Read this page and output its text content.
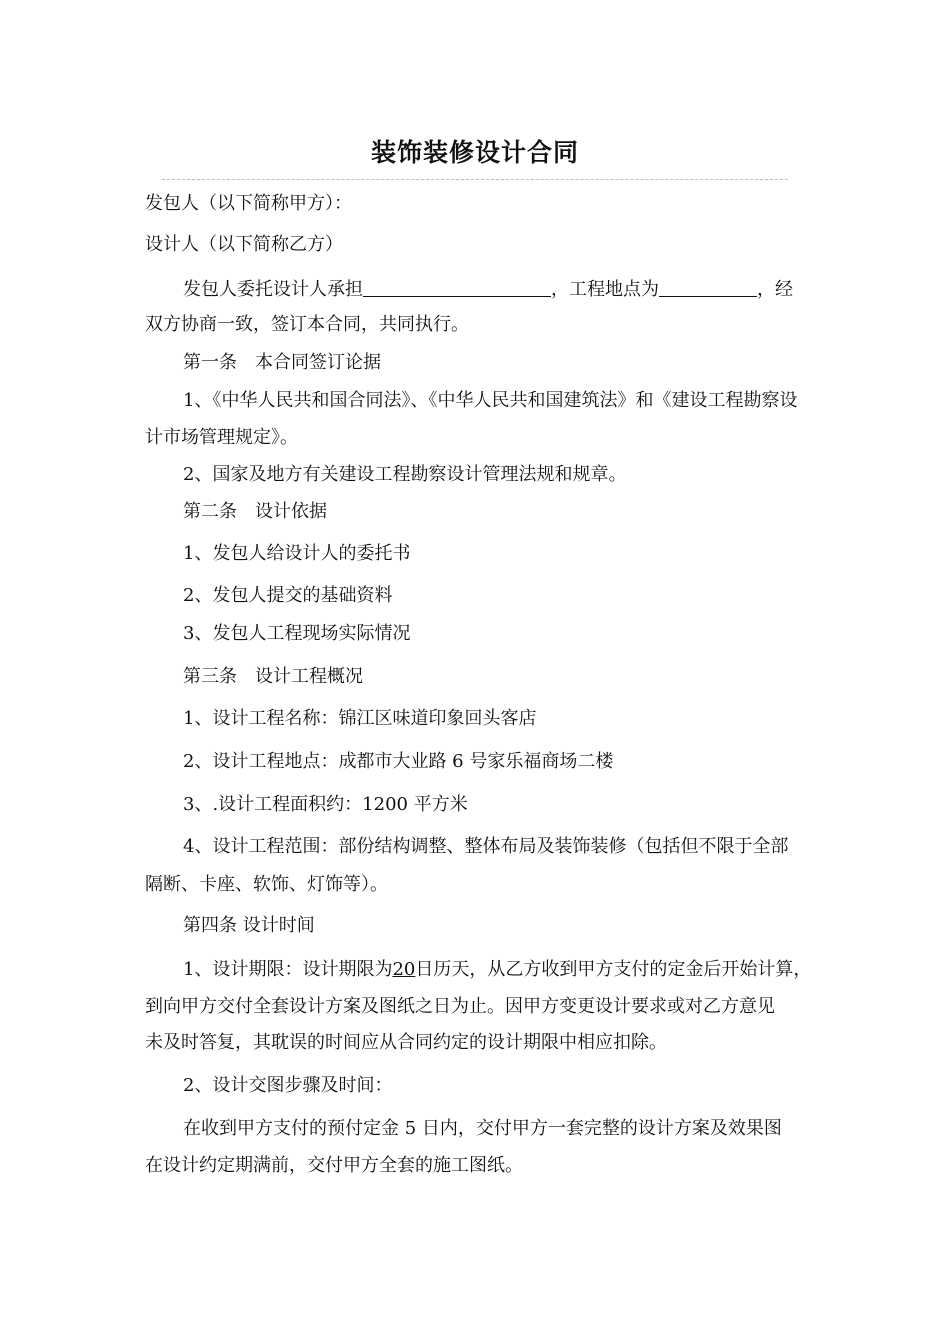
装饰装修设计合同
发包人（以下简称甲方）：
设计人（以下简称乙方）
发包人委托设计人承担	，工程地点为	，经
双方协商一致，签订本合同，共同执行。
第一条　本合同签订论据
1、《中华人民共和国合同法》、《中华人民共和国建筑法》和《建设工程勘察设
计市场管理规定》。
2、国家及地方有关建设工程勘察设计管理法规和规章。
第二条　设计依据
1、发包人给设计人的委托书
2、发包人提交的基础资料
3、发包人工程现场实际情况
第三条　设计工程概况
1、设计工程名称：锦江区味道印象回头客店
2、设计工程地点：成都市大业路 6 号家乐福商场二楼
3、.设计工程面积约：1200 平方米
4、设计工程范围：部份结构调整、整体布局及装饰装修（包括但不限于全部
隔断、卡座、软饰、灯饰等）。
第四条 设计时间
1、设计期限：设计期限为20日历天，从乙方收到甲方支付的定金后开始计算，
到向甲方交付全套设计方案及图纸之日为止。因甲方变更设计要求或对乙方意见
未及时答复，其耽误的时间应从合同约定的设计期限中相应扣除。
2、设计交图步骤及时间：
在收到甲方支付的预付定金 5 日内，交付甲方一套完整的设计方案及效果图
在设计约定期满前，交付甲方全套的施工图纸。
